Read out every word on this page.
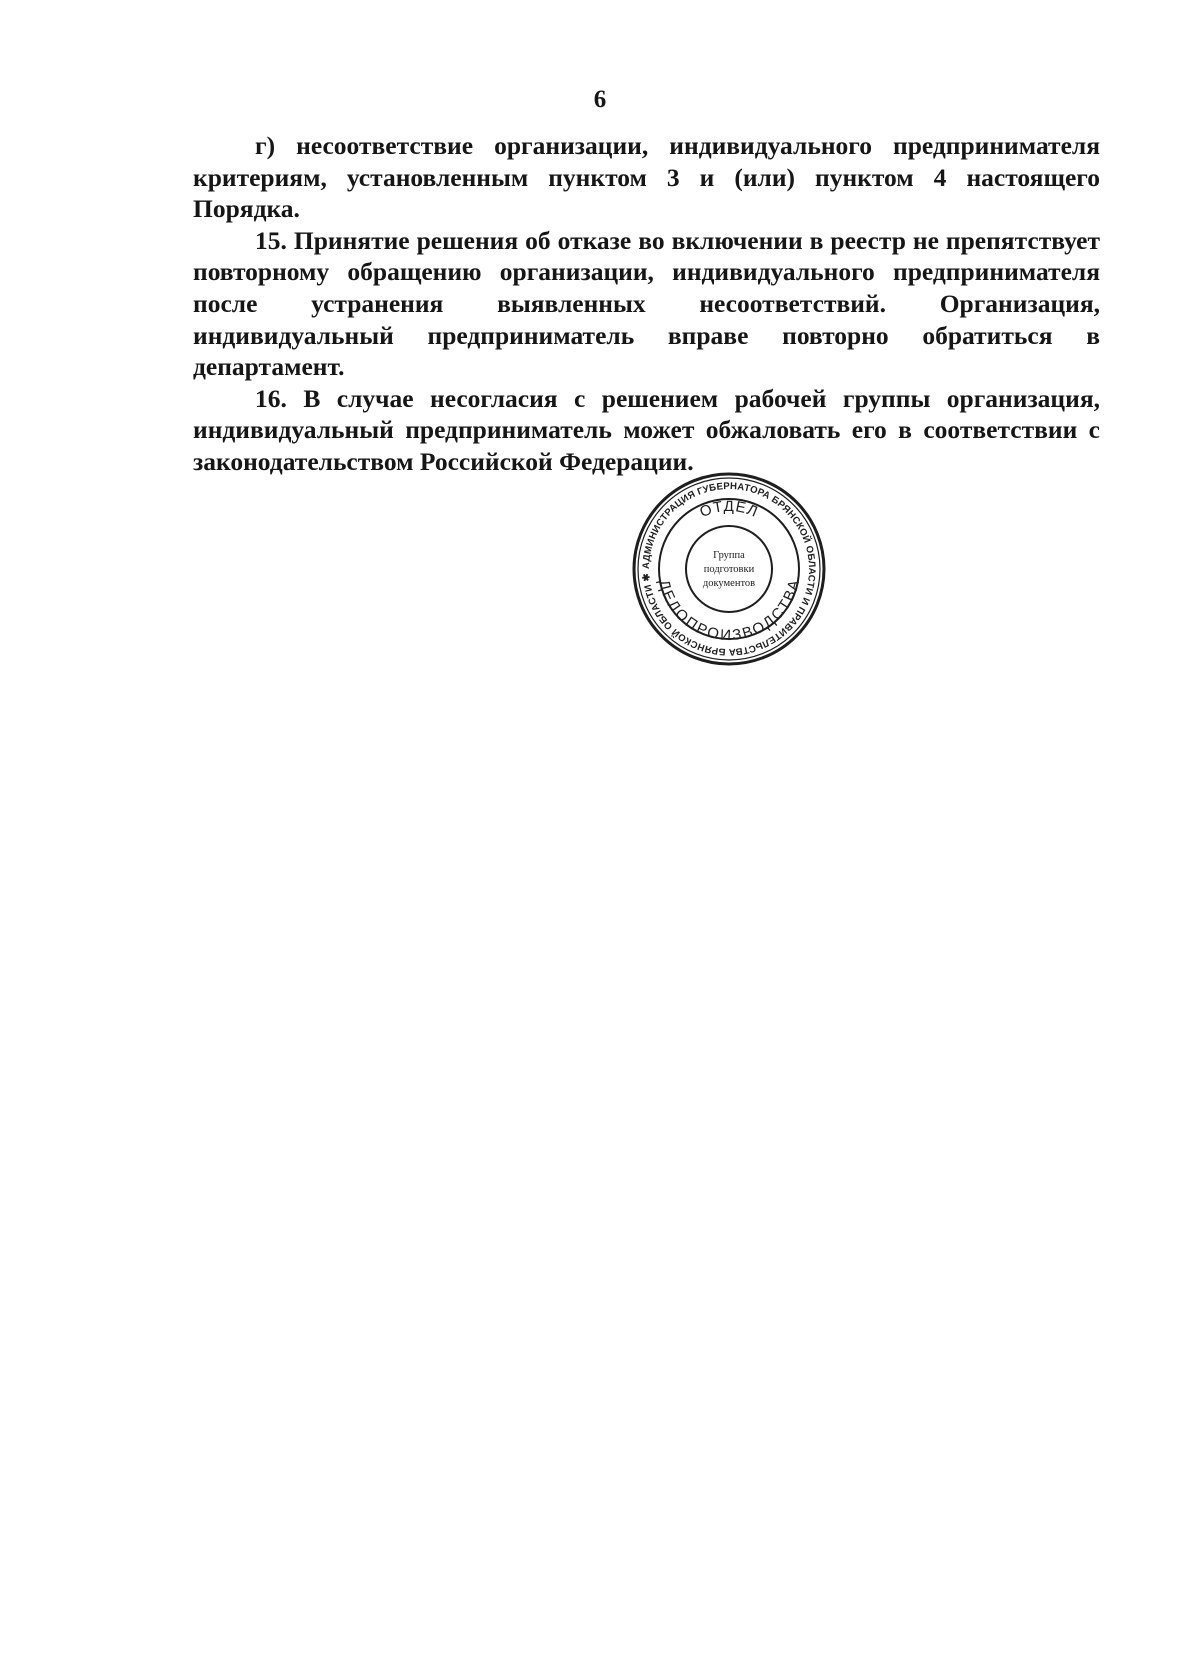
6

г) несоответствие организации, индивидуального предпринимателя критериям, установленным пунктом 3 и (или) пунктом 4 настоящего Порядка.

15. Принятие решения об отказе во включении в реестр не препятствует повторному обращению организации, индивидуального предпринимателя после устранения выявленных несоответствий. Организация, индивидуальный предприниматель вправе повторно обратиться в департамент.

16. В случае несогласия с решением рабочей группы организация, индивидуальный предприниматель может обжаловать его в соответствии с законодательством Российской Федерации.

АДМИНИСТРАЦИЯ ГУБЕРНАТОРА БРЯНСКОЙ ОБЛАСТИ И ПРАВИТЕЛЬСТВА БРЯНСКОЙ ОБЛАСТИ ✱
ОТДЕЛ
ДЕЛОПРОИЗВОДСТВА
Группа
подготовки
документов
